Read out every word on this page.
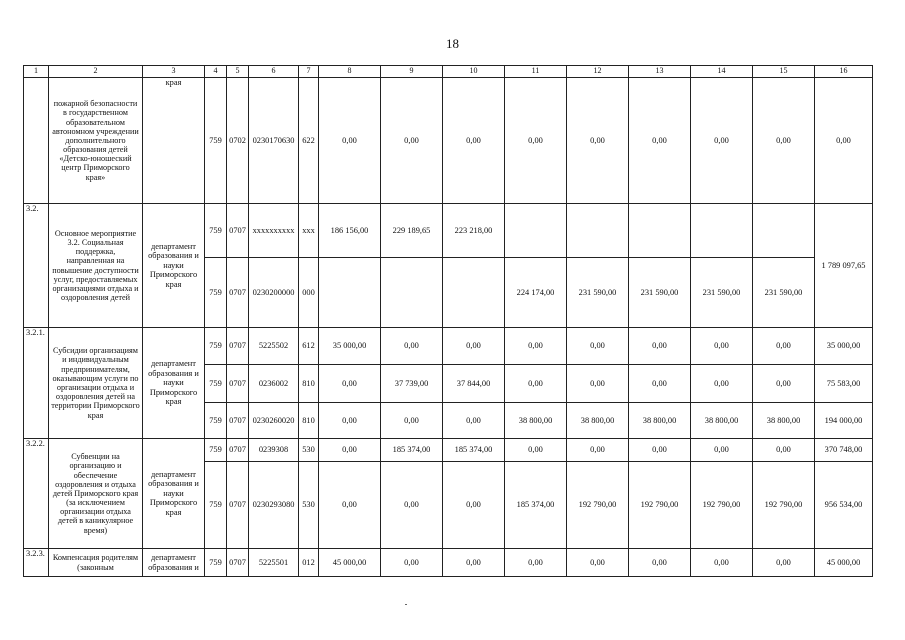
18
1	2	3	4	5	6	7	8	9	10	11	12	13	14	15	16
	пожарной безопасности в государственном образовательном автономном учреждении дополнительного образования детей «Детско-юношеский центр Приморского края»	края	759	0702	0230170630	622	0,00	0,00	0,00	0,00	0,00	0,00	0,00	0,00	0,00
3.2.	Основное мероприятие 3.2. Социальная поддержка, направленная на повышение доступности услуг, предоставляемых организациями отдыха и оздоровления детей	департамент образования и науки Приморского края	759	0707	xxxxxxxxxx	xxx	186 156,00	229 189,65	223 218,00						1 789 097,65
			759	0707	0230200000	000				224 174,00	231 590,00	231 590,00	231 590,00	231 590,00	
3.2.1.	Субсидии организациям и индивидуальным предпринимателям, оказывающим услуги по организации отдыха и оздоровления детей на территории Приморского края	департамент образования и науки Приморского края	759	0707	5225502	612	35 000,00	0,00	0,00	0,00	0,00	0,00	0,00	0,00	35 000,00
			759	0707	0236002	810	0,00	37 739,00	37 844,00	0,00	0,00	0,00	0,00	0,00	75 583,00
			759	0707	0230260020	810	0,00	0,00	0,00	38 800,00	38 800,00	38 800,00	38 800,00	38 800,00	194 000,00
3.2.2.	Субвенции на организацию и обеспечение оздоровления и отдыха детей Приморского края (за исключением организации отдыха детей в каникулярное время)	департамент образования и науки Приморского края	759	0707	0239308	530	0,00	185 374,00	185 374,00	0,00	0,00	0,00	0,00	0,00	370 748,00
			759	0707	0230293080	530	0,00	0,00	0,00	185 374,00	192 790,00	192 790,00	192 790,00	192 790,00	956 534,00
3.2.3.	Компенсация родителям (законным	департамент образования и	759	0707	5225501	012	45 000,00	0,00	0,00	0,00	0,00	0,00	0,00	0,00	45 000,00
